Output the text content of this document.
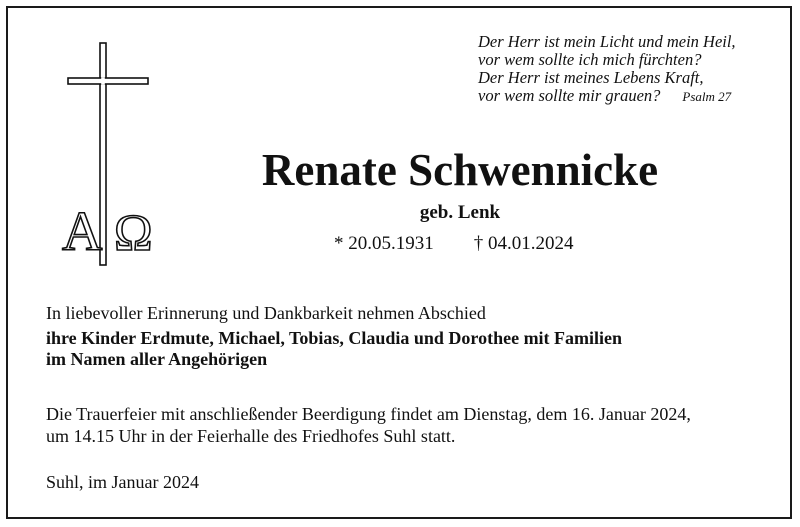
A Ω
Der Herr ist mein Licht und mein Heil,
vor wem sollte ich mich fürchten?
Der Herr ist meines Lebens Kraft,
vor wem sollte mir grauen? Psalm 27
Renate Schwennicke
geb. Lenk
* 20.05.1931 † 04.01.2024
In liebevoller Erinnerung und Dankbarkeit nehmen Abschied
ihre Kinder Erdmute, Michael, Tobias, Claudia und Dorothee mit Familien
im Namen aller Angehörigen
Die Trauerfeier mit anschließender Beerdigung findet am Dienstag, dem 16. Januar 2024,
um 14.15 Uhr in der Feierhalle des Friedhofes Suhl statt.
Suhl, im Januar 2024
